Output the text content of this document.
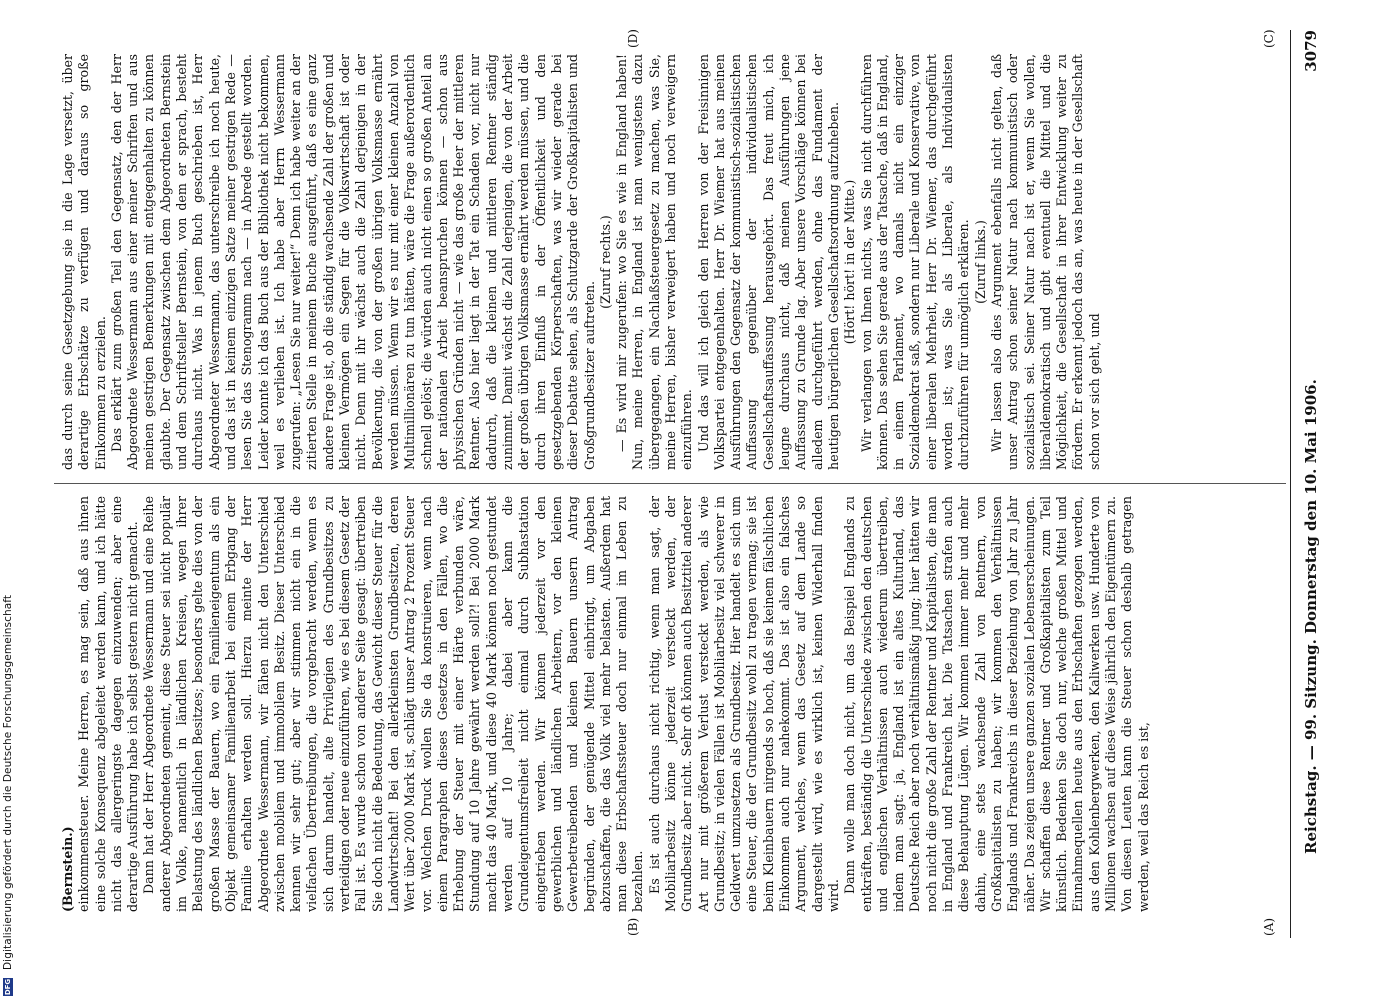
DFG
Digitalisierung gefördert durch die Deutsche Forschungsgemeinschaft	Reichstag. — 99. Sitzung. Donnerstag den 10. Mai 1906.
3079
(A)
(B)
(C)
(D)

(Bernstein.) einkommensteuer. Meine Herren, es mag sein, daß aus ihnen eine solche Konsequenz abgeleitet werden kann, und ich hätte nicht das allergeringste dagegen einzuwenden; aber eine derartige Ausführung habe ich selbst gestern nicht gemacht. Dann hat der Herr Abgeordnete Wessermann und eine Reihe anderer Abgeordneten gemeint, diese Steuer sei nicht populär im Volke, namentlich in ländlichen Kreisen, wegen ihrer Belastung des ländlichen Besitzes; besonders gelte dies von der großen Masse der Bauern, wo ein Familieneigentum als ein Objekt gemeinsamer Familienarbeit bei einem Erbgang der Familie erhalten werden soll. Hierzu meinte der Herr Abgeordnete Wessermann, wir fähen nicht den Unterschied zwischen mobilem und immobilem Besitz. Dieser Unterschied kennen wir sehr gut; aber wir stimmen nicht ein in die vielfachen Übertreibungen, die vorgebracht werden, wenn es sich darum handelt, alte Privilegien des Grundbesitzes zu verteidigen oder neue einzuführen, wie es bei diesem Gesetz der Fall ist. Es wurde schon von anderer Seite gesagt: übertreiben Sie doch nicht die Bedeutung, das Gewicht dieser Steuer für die Landwirtschaft! Bei den allerkleinsten Grundbesitzen, deren Wert über 2000 Mark ist, schlägt unser Antrag 2 Prozent Steuer vor. Welchen Druck wollen Sie da konstruieren, wenn nach einem Paragraphen dieses Gesetzes in den Fällen, wo die Erhebung der Steuer mit einer Härte verbunden wäre, Stundung auf 10 Jahre gewährt werden soll?! Bei 2000 Mark macht das 40 Mark, und diese 40 Mark können noch gestundet werden auf 10 Jahre; dabei aber kann die Grundeigentumsfreiheit nicht einmal durch Subhastation eingetrieben werden. Wir können jederzeit vor den gewerblichen und ländlichen Arbeitern, vor den kleinen Gewerbetreibenden und kleinen Bauern unsern Antrag begründen, der genügende Mittel einbringt, um Abgaben abzuschaffen, die das Volk viel mehr belasten. Außerdem hat man diese Erbschaftssteuer doch nur einmal im Leben zu bezahlen. Es ist auch durchaus nicht richtig, wenn man sagt, der Mobiliarbesitz könne jederzeit versteckt werden, der Grundbesitz aber nicht. Sehr oft können auch Besitztitel anderer Art nur mit größerem Verlust versteckt werden, als wie Grundbesitz; in vielen Fällen ist Mobiliarbesitz viel schwerer in Geldwert umzusetzen als Grundbesitz. Hier handelt es sich um eine Steuer, die der Grundbesitz wohl zu tragen vermag; sie ist beim Kleinbauern nirgends so hoch, daß sie keinem fälschlichen Einkommen auch nur nahekommt. Das ist also ein falsches Argument, welches, wenn das Gesetz auf dem Lande so dargestellt wird, wie es wirklich ist, keinen Widerhall finden wird.

Dann wolle man doch nicht, um das Beispiel Englands zu entkräften, beständig die Unterschiede zwischen den deutschen und englischen Verhältnissen auch wiederum übertreiben, indem man sagt: ja, England ist ein altes Kulturland, das Deutsche Reich aber noch verhältnismäßig jung; hier hätten wir noch nicht die große Zahl der Rentner und Kapitalisten, die man in England und Frankreich hat. Die Tatsachen strafen auch diese Behauptung Lügen. Wir kommen immer mehr und mehr dahin, eine stets wachsende Zahl von Rentnern, von Großkapitalisten zu haben; wir kommen den Verhältnissen Englands und Frankreichs in dieser Beziehung von Jahr zu Jahr näher. Das zeigen unsere ganzen sozialen Lebenserscheinungen. Wir schaffen diese Rentner und Großkapitalisten zum Teil künstlich. Bedenken Sie doch nur, welche großen Mittel und Einnahmequellen heute aus den Erbschaften gezogen werden, aus den Kohlenbergwerken, den Kaliwerken usw. Hunderte von Millionen wachsen auf diese Weise jährlich den Eigentümern zu. Von diesen Leuten kann die Steuer schon deshalb getragen werden, weil das Reich es ist,

das durch seine Gesetzgebung sie in die Lage versetzt, über derartige Erbschätze zu verfügen und daraus so große Einkommen zu erzielen. Das erklärt zum großen Teil den Gegensatz, den der Herr Abgeordnete Wessermann aus einer meiner Schriften und aus meinen gestrigen Bemerkungen mit entgegenhalten zu können glaubte. Der Gegensatz zwischen dem Abgeordneten Bernstein und dem Schriftsteller Bernstein, von dem er sprach, besteht durchaus nicht. Was in jenem Buch geschrieben ist, Herr Abgeordneter Wessermann, das unterschreibe ich noch heute, und das ist in keinem einzigen Satze meiner gestrigen Rede — lesen Sie das Stenogramm nach — in Abrede gestellt worden. Leider konnte ich das Buch aus der Bibliothek nicht bekommen, weil es verliehen ist. Ich habe aber Herrn Wessermann zugerufen: „Lesen Sie nur weiter!“ Denn ich habe weiter an der zitierten Stelle in meinem Buche ausgeführt, daß es eine ganz andere Frage ist, ob die ständig wachsende Zahl der großen und kleinen Vermögen ein Segen für die Volkswirtschaft ist oder nicht. Denn mit ihr wächst auch die Zahl derjenigen in der Bevölkerung, die von der großen übrigen Volksmasse ernährt werden müssen. Wenn wir es nur mit einer kleinen Anzahl von Multimillionären zu tun hätten, wäre die Frage außerordentlich schnell gelöst; die würden auch nicht einen so großen Anteil an der nationalen Arbeit beanspruchen können — schon aus physischen Gründen nicht — wie das große Heer der mittleren Rentner. Also hier liegt in der Tat ein Schaden vor, nicht nur dadurch, daß die kleinen und mittleren Rentner ständig zunimmt. Damit wächst die Zahl derjenigen, die von der Arbeit der großen übrigen Volksmasse ernährt werden müssen, und die durch ihren Einfluß in der Öffentlichkeit und den gesetzgebenden Körperschaften, was wir wieder gerade bei dieser Debatte sehen, als Schutzgarde der Großkapitalisten und Großgrundbesitzer auftreten.

(Zuruf rechts.) — Es wird mir zugerufen: wo Sie es wie in England haben! Nun, meine Herren, in England ist man wenigstens dazu übergegangen, ein Nachlaßsteuergesetz zu machen, was Sie, meine Herren, bisher verweigert haben und noch verweigern einzuführen. Und das will ich gleich den Herren von der Freisinnigen Volkspartei entgegenhalten. Herr Dr. Wiemer hat aus meinen Ausführungen den Gegensatz der kommunistisch-sozialistischen Auffassung gegenüber der individualistischen Gesellschaftsauffassung herausgehört. Das freut mich, ich leugne durchaus nicht, daß meinen Ausführungen jene Auffassung zu Grunde lag. Aber unsere Vorschläge können bei alledem durchgeführt werden, ohne das Fundament der heutigen bürgerlichen Gesellschaftsordnung aufzuheben. (Hört! hört! in der Mitte.) Wir verlangen von Ihnen nichts, was Sie nicht durchführen können. Das sehen Sie gerade aus der Tatsache, daß in England, in einem Parlament, wo damals nicht ein einziger Sozialdemokrat saß, sondern nur Liberale und Konservative, von einer liberalen Mehrheit, Herr Dr. Wiemer, das durchgeführt worden ist; was Sie als Liberale, als Individualisten durchzuführen für unmöglich erklären. (Zuruf links.) Wir lassen also dies Argument ebenfalls nicht gelten, daß unser Antrag schon seiner Natur nach kommunistisch oder sozialistisch sei. Seiner Natur nach ist er, wenn Sie wollen, liberaldemokratisch und gibt eventuell die Mittel und die Möglichkeit, die Gesellschaft in ihrer Entwicklung weiter zu fördern. Er erkennt jedoch das an, was heute in der Gesellschaft schon vor sich geht, und
